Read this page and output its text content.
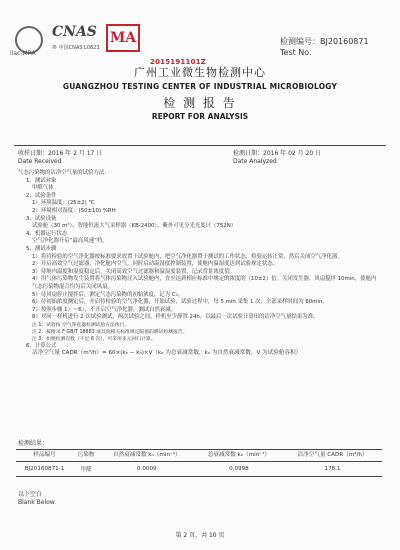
ilac-MRA
CNAS
® 中国CNAS L0823
MA
2015191101Z
检测编号：BJ20160871
Test No.
广州工业微生物检测中心
GUANGZHOU TESTING CENTER OF INDUSTRIAL MICROBIOLOGY
检 测 报 告
REPORT FOR ANALYSIS
收样日期：2016 年 2 月 17 日
Date Received
检测日期：2016 年 02 月 20 日
Date Analyzed

气态污染物的洁净空气量的试验方法：

1、测试对象

甲醛气体

2、试验条件

1）环境温度：(25±2) ℃

2）环境相对湿度：(50±10) %RH

3、试验设备

试验舱（30 m³）、智能恒流大气采样器（KB-2400）、紫外可见分光光度计（752N）

4、机器运行状态

空气净化器开启“最高风速”档。

5、测试步骤

1）将待检验的空气净化器按标准要求放置于试验舱内，把空气净化器置于测试的工作状态，检验运转正常，然后关闭空气净化器。

2）开启高效空气过滤器，净化舱内空气，同时启动温湿度控制装置，使舱内温湿度达到试验规定状态。

3）待舱内温度和湿度稳定后，关闭高效空气过滤器和温湿度装置，记录背景浓度值。

4）用气体污染物发生装置将气体污染物注入试验舱内，直至达到相应标准中规定的浓度的（10±2）倍。关闭发生器。风扇搅拌 10min，使舱内气态污染物混合均匀后关闭风扇。

5）待风扇停止搅拌后，测定气态污染物的初始浓度，记为 C₀。

6）待初始浓度测定后，开启待检验的空气净化器，开始试验，试验过程中，每 5 min 采集 1 次，全部采样时间为 60min。

7）按照步骤 1）～6），不开启空气净化器，测试自然衰减。

8）对同一样机进行 2 次试验测试，两次试验之间，样机至少静置 24h，以最后一次试验计算出的洁净空气量结果为准。

注 1：试验按 空气净化器检测试验方法执行。

注 2：按附录 F GB/T 18883 或其他相关标准规定限值的测试检测报告。

注 3：如要检测次数（不足 6 次），可采用多元回归计算。

6、计算公式

洁净空气量 CADR（m³/h）= 60×(kₑ − kₙ)×V（kₑ 为总衰减常数，kₙ 为自然衰减常数，V 为试验舱容积）

检测结果：
样品编号	污染物	自然衰减常数 kₙ（min⁻¹）	总衰减常数 kₑ（min⁻¹）	洁净空气量 CADR（m³/h）
BJ20160871-1	甲醛	0.0009	0.0998	178.1
以下空白
Blank Below
第 2 页，共 10 页
